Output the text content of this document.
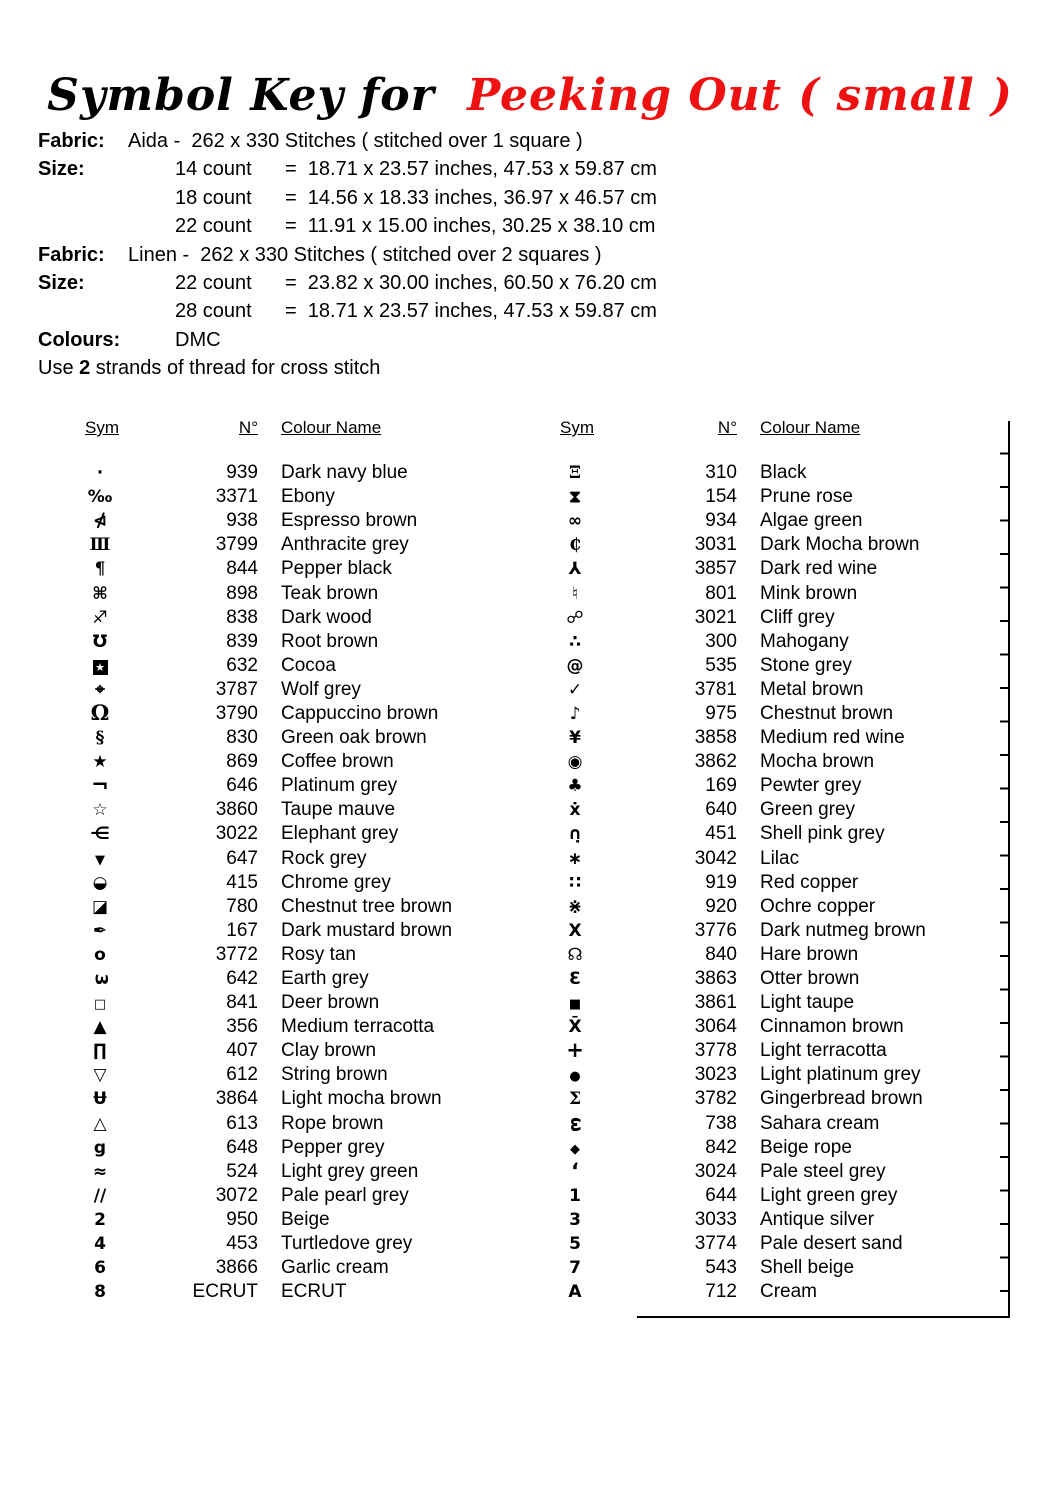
Symbol Key for Peeking Out ( small )
Fabric:	Aida -  262 x 330 Stitches ( stitched over 1 square )
Size:	14 count	=  18.71 x 23.57 inches, 47.53 x 59.87 cm
18 count	=  14.56 x 18.33 inches, 36.97 x 46.57 cm
22 count	=  11.91 x 15.00 inches, 30.25 x 38.10 cm
Fabric:	Linen -  262 x 330 Stitches ( stitched over 2 squares )
Size:	22 count	=  23.82 x 30.00 inches, 60.50 x 76.20 cm
28 count	=  18.71 x 23.57 inches, 47.53 x 59.87 cm
Colours:	DMC
Use 2 strands of thread for cross stitch
Sym	N°	Colour Name
·	939	Dark navy blue
‰	3371	Ebony
⋪	938	Espresso brown
Ⅲ	3799	Anthracite grey
¶	844	Pepper black
⌘	898	Teak brown
♐	838	Dark wood
Ʊ	839	Root brown
★	632	Cocoa
⌖	3787	Wolf grey
Ω	3790	Cappuccino brown
§	830	Green oak brown
★	869	Coffee brown
¬	646	Platinum grey
☆	3860	Taupe mauve
⋲	3022	Elephant grey
▼	647	Rock grey
◒	415	Chrome grey
◪	780	Chestnut tree brown
✒	167	Dark mustard brown
o	3772	Rosy tan
3	642	Earth grey
□	841	Deer brown
▲	356	Medium terracotta
∏	407	Clay brown
▽	612	String brown
Ʉ	3864	Light mocha brown
△	613	Rope brown
g	648	Pepper grey
≈	524	Light grey green
∕∕	3072	Pale pearl grey
2	950	Beige
4	453	Turtledove grey
6	3866	Garlic cream
8	ECRUT	ECRUT
Sym	N°	Colour Name
Ξ	310	Black
⧗	154	Prune rose
∞	934	Algae green
₵	3031	Dark Mocha brown
⅄	3857	Dark red wine
♮	801	Mink brown
☍	3021	Cliff grey
∴	300	Mahogany
@	535	Stone grey
✓	3781	Metal brown
♪	975	Chestnut brown
¥	3858	Medium red wine
◉	3862	Mocha brown
♣	169	Pewter grey
ẋ	640	Green grey
∩̣	451	Shell pink grey
∗	3042	Lilac
∷	919	Red copper
⋇	920	Ochre copper
X	3776	Dark nutmeg brown
☊	840	Hare brown
Ɛ	3863	Otter brown
■	3861	Light taupe
X̄	3064	Cinnamon brown
+	3778	Light terracotta
●	3023	Light platinum grey
Σ	3782	Gingerbread brown
ω	738	Sahara cream
◆	842	Beige rope
‘	3024	Pale steel grey
1	644	Light green grey
3	3033	Antique silver
5	3774	Pale desert sand
7	543	Shell beige
A	712	Cream
